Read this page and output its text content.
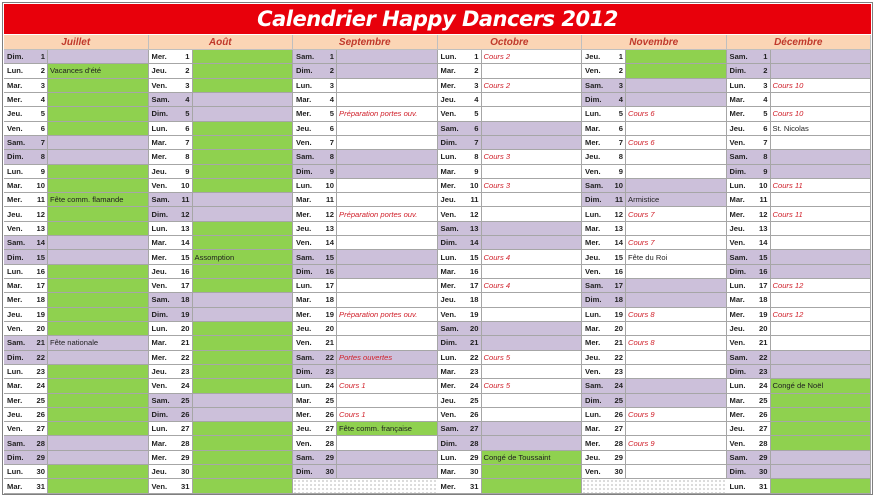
Calendrier Happy Dancers 2012
Juillet
Dim.	1
Lun.	2 Vacances d'été
Mar.	3
Mer.	4
Jeu.	5
Ven.	6
Sam.	7
Dim.	8
Lun.	9
Mar.	10
Mer.	11 Fête comm. flamande
Jeu.	12
Ven.	13
Sam.	14
Dim.	15
Lun.	16
Mar.	17
Mer.	18
Jeu.	19
Ven.	20
Sam.	21 Fête nationale
Dim.	22
Lun.	23
Mar.	24
Mer.	25
Jeu.	26
Ven.	27
Sam.	28
Dim.	29
Lun.	30
Mar.	31
Août
Mer.	1
Jeu.	2
Ven.	3
Sam.	4
Dim.	5
Lun.	6
Mar.	7
Mer.	8
Jeu.	9
Ven.	10
Sam.	11
Dim.	12
Lun.	13
Mar.	14
Mer.	15 Assomption
Jeu.	16
Ven.	17
Sam.	18
Dim.	19
Lun.	20
Mar.	21
Mer.	22
Jeu.	23
Ven.	24
Sam.	25
Dim.	26
Lun.	27
Mar.	28
Mer.	29
Jeu.	30
Ven.	31
Septembre
Sam.	1
Dim.	2
Lun.	3
Mar.	4
Mer.	5 Préparation portes ouv.
Jeu.	6
Ven.	7
Sam.	8
Dim.	9
Lun.	10
Mar.	11
Mer.	12 Préparation portes ouv.
Jeu.	13
Ven.	14
Sam.	15
Dim.	16
Lun.	17
Mar.	18
Mer.	19 Préparation portes ouv.
Jeu.	20
Ven.	21
Sam.	22 Portes ouvertes
Dim.	23
Lun.	24 Cours 1
Mar.	25
Mer.	26 Cours 1
Jeu.	27 Fête comm. française
Ven.	28
Sam.	29
Dim.	30
Octobre
Lun.	1 Cours 2
Mar.	2
Mer.	3 Cours 2
Jeu.	4
Ven.	5
Sam.	6
Dim.	7
Lun.	8 Cours 3
Mar.	9
Mer.	10 Cours 3
Jeu.	11
Ven.	12
Sam.	13
Dim.	14
Lun.	15 Cours 4
Mar.	16
Mer.	17 Cours 4
Jeu.	18
Ven.	19
Sam.	20
Dim.	21
Lun.	22 Cours 5
Mar.	23
Mer.	24 Cours 5
Jeu.	25
Ven.	26
Sam.	27
Dim.	28
Lun.	29 Congé de Toussaint
Mar.	30
Mer.	31
Novembre
Jeu.	1
Ven.	2
Sam.	3
Dim.	4
Lun.	5 Cours 6
Mar.	6
Mer.	7 Cours 6
Jeu.	8
Ven.	9
Sam.	10
Dim.	11 Armistice
Lun.	12 Cours 7
Mar.	13
Mer.	14 Cours 7
Jeu.	15 Fête du Roi
Ven.	16
Sam.	17
Dim.	18
Lun.	19 Cours 8
Mar.	20
Mer.	21 Cours 8
Jeu.	22
Ven.	23
Sam.	24
Dim.	25
Lun.	26 Cours 9
Mar.	27
Mer.	28 Cours 9
Jeu.	29
Ven.	30
Décembre
Sam.	1
Dim.	2
Lun.	3 Cours 10
Mar.	4
Mer.	5 Cours 10
Jeu.	6 St. Nicolas
Ven.	7
Sam.	8
Dim.	9
Lun.	10 Cours 11
Mar.	11
Mer.	12 Cours 11
Jeu.	13
Ven.	14
Sam.	15
Dim.	16
Lun.	17 Cours 12
Mar.	18
Mer.	19 Cours 12
Jeu.	20
Ven.	21
Sam.	22
Dim.	23
Lun.	24 Congé de Noël
Mar.	25
Mer.	26
Jeu.	27
Ven.	28
Sam.	29
Dim.	30
Lun.	31
